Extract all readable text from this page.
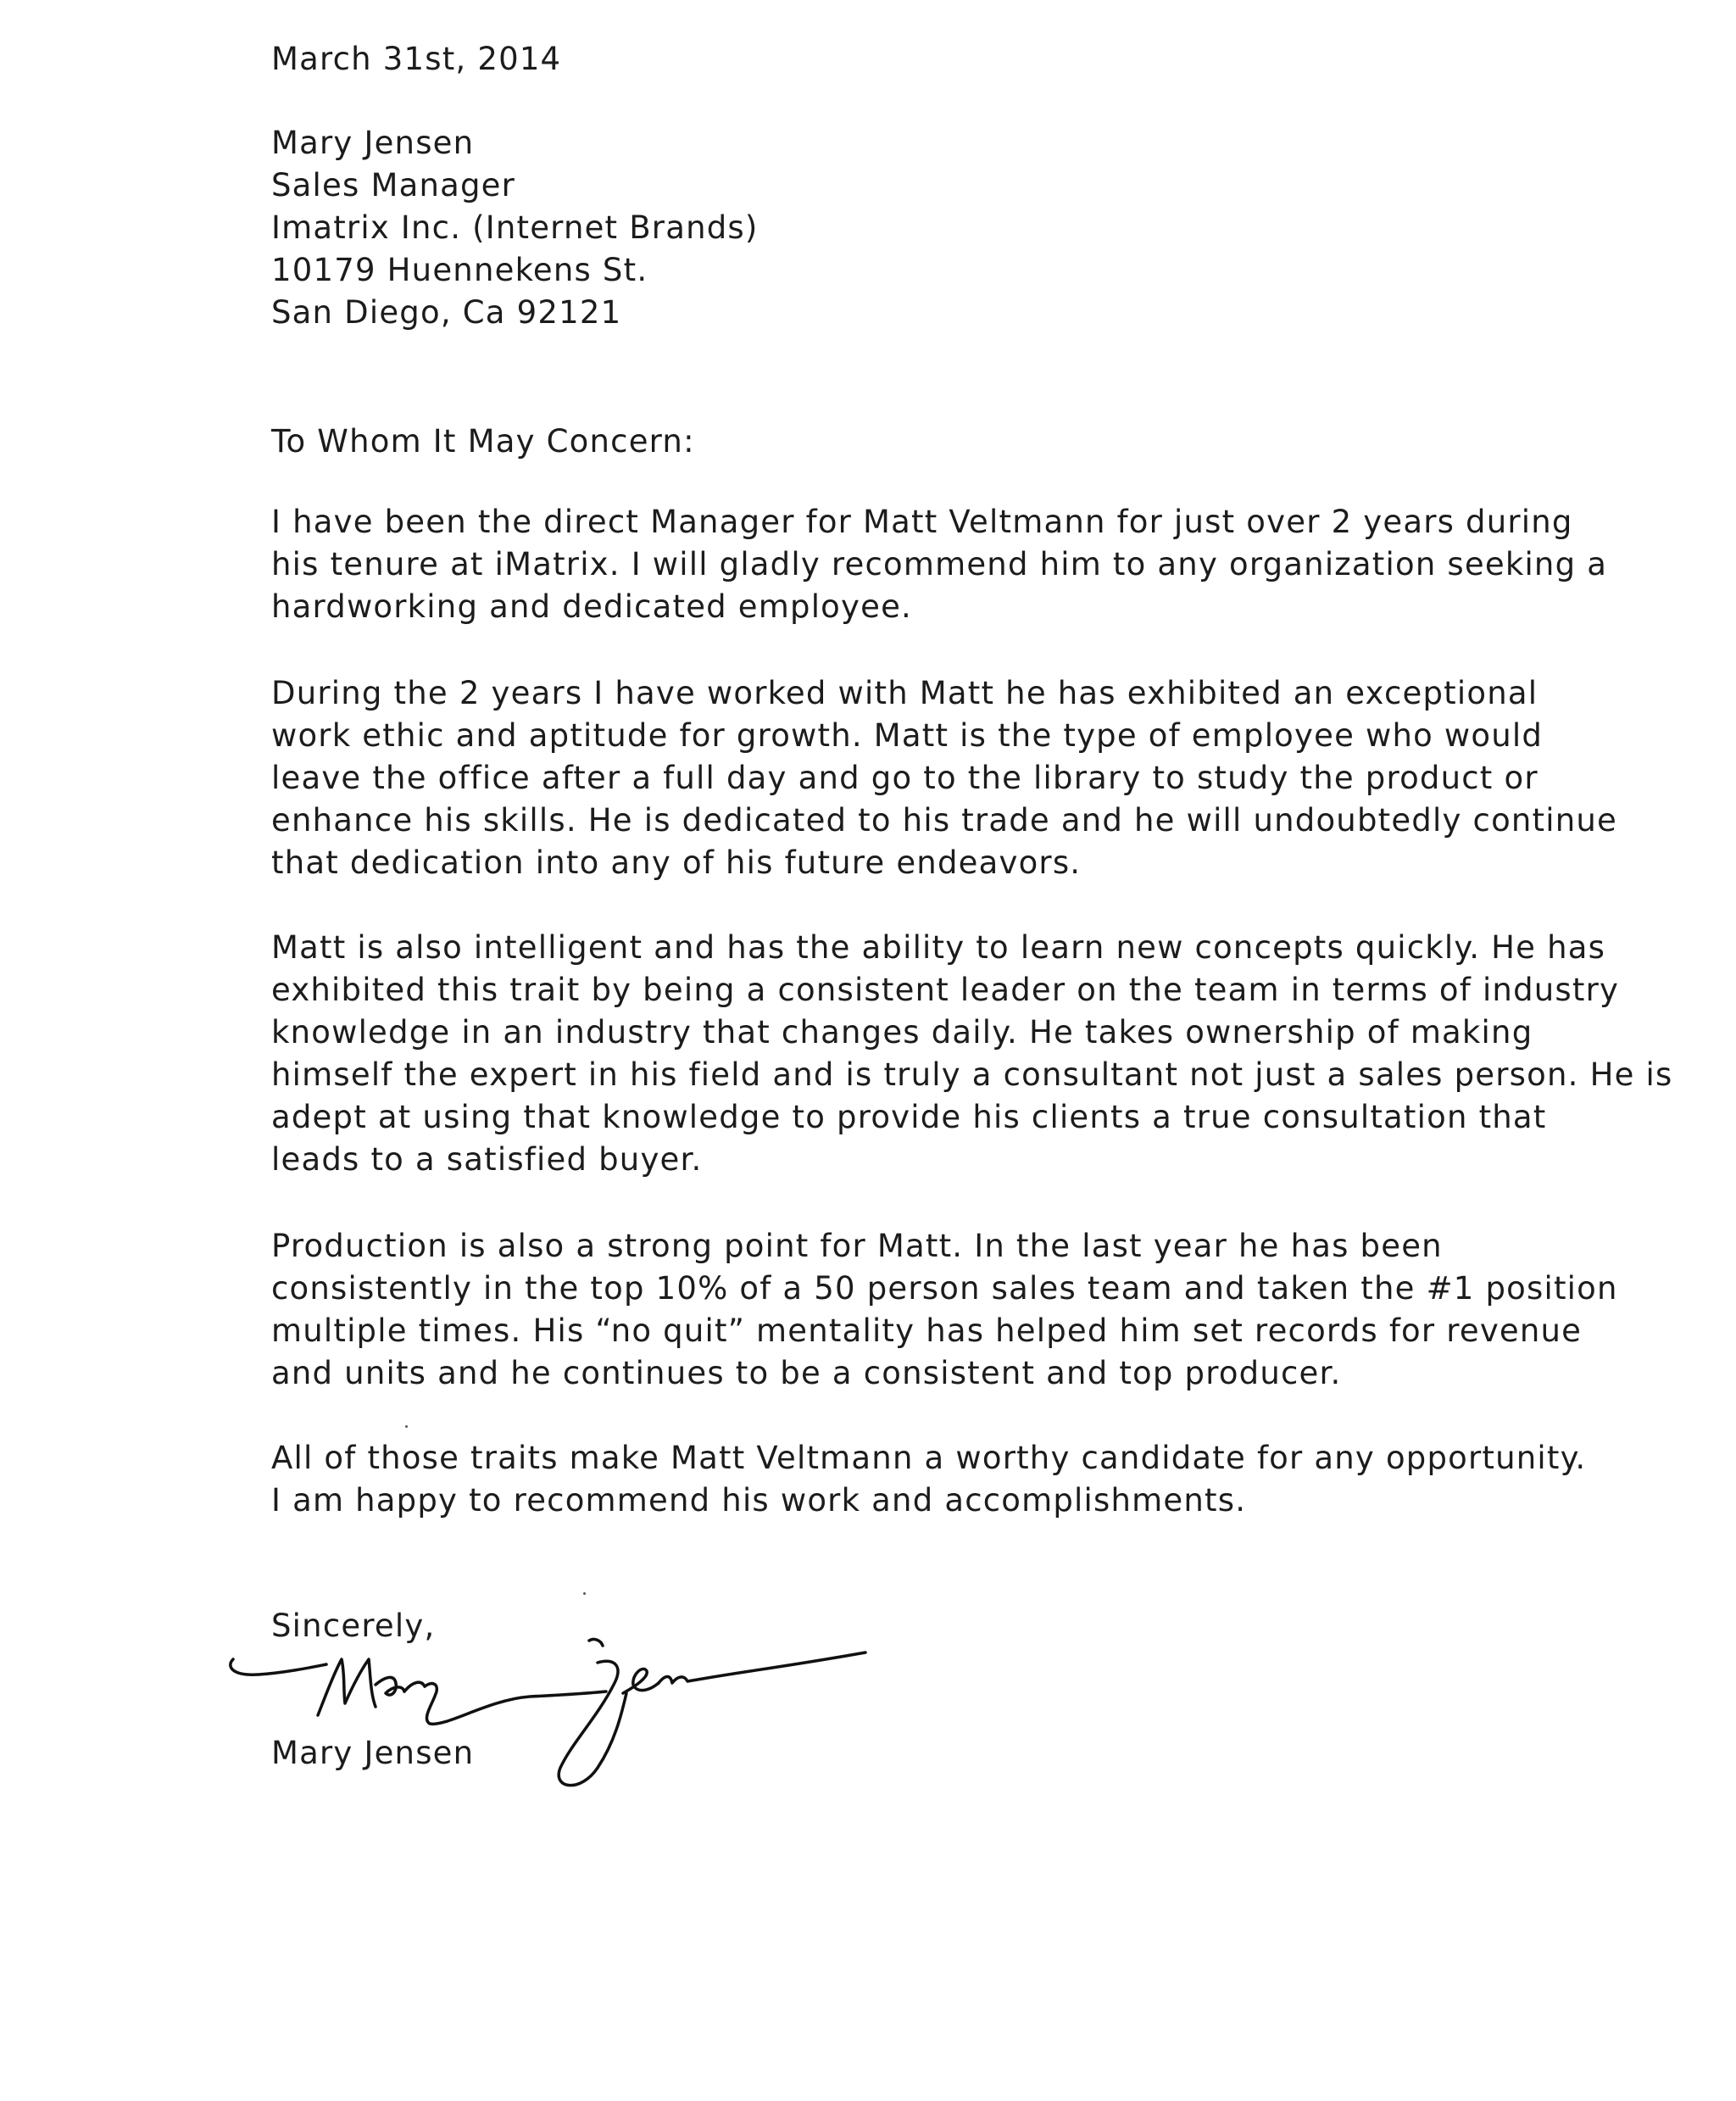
March 31st, 2014
Mary Jensen
Sales Manager
Imatrix Inc. (Internet Brands)
10179 Huennekens St.
San Diego, Ca 92121
To Whom It May Concern:
I have been the direct Manager for Matt Veltmann for just over 2 years during
his tenure at iMatrix. I will gladly recommend him to any organization seeking a
hardworking and dedicated employee.
During the 2 years I have worked with Matt he has exhibited an exceptional
work ethic and aptitude for growth. Matt is the type of employee who would
leave the office after a full day and go to the library to study the product or
enhance his skills. He is dedicated to his trade and he will undoubtedly continue
that dedication into any of his future endeavors.
Matt is also intelligent and has the ability to learn new concepts quickly. He has
exhibited this trait by being a consistent leader on the team in terms of industry
knowledge in an industry that changes daily. He takes ownership of making
himself the expert in his field and is truly a consultant not just a sales person. He is
adept at using that knowledge to provide his clients a true consultation that
leads to a satisfied buyer.
Production is also a strong point for Matt. In the last year he has been
consistently in the top 10% of a 50 person sales team and taken the #1 position
multiple times. His “no quit” mentality has helped him set records for revenue
and units and he continues to be a consistent and top producer.
All of those traits make Matt Veltmann a worthy candidate for any opportunity.
I am happy to recommend his work and accomplishments.
Sincerely,
Mary Jensen
